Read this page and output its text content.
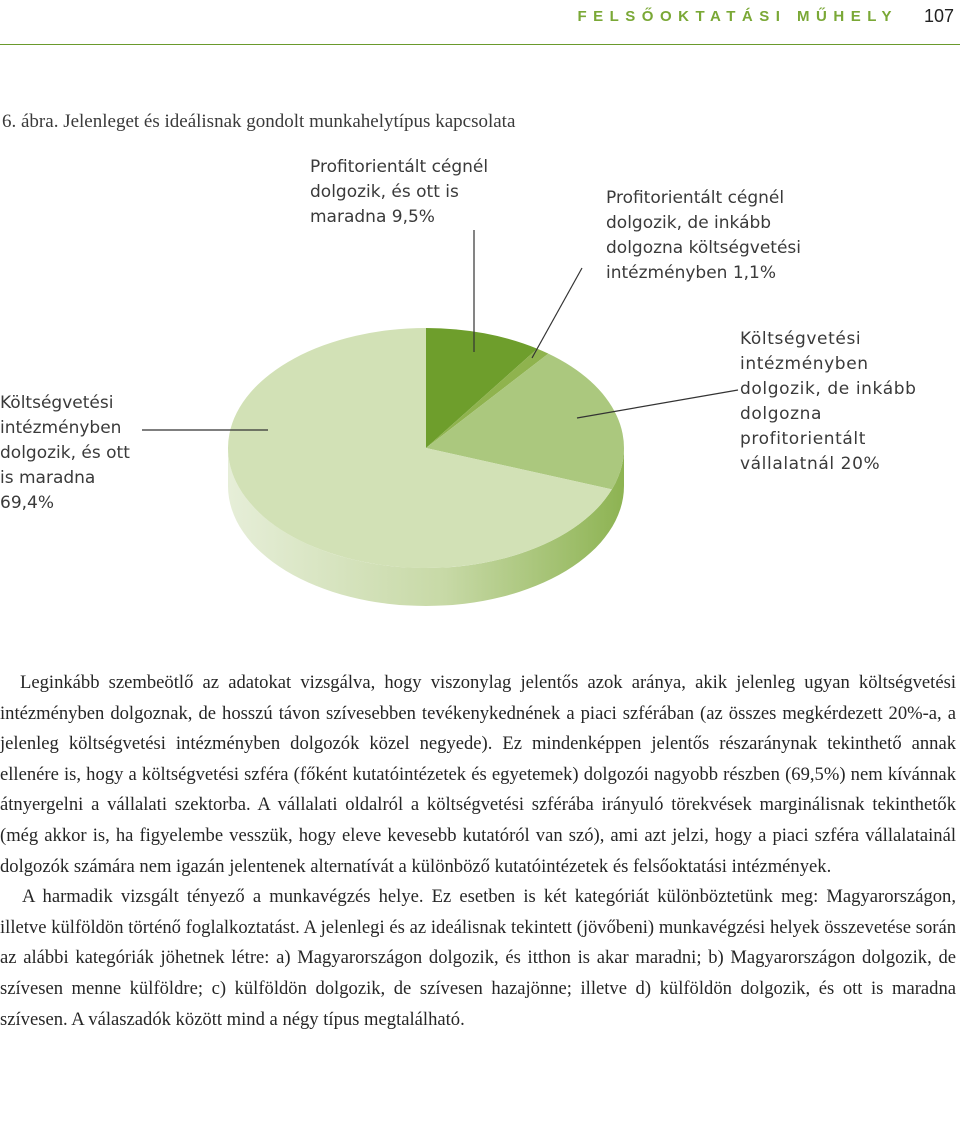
FELSŐOKTATÁSI MŰHELY 107
6. ábra. Jelenleget és ideálisnak gondolt munkahelytípus kapcsolata
Profitorientált cégnél
dolgozik, és ott is
maradna 9,5%
Profitorientált cégnél
dolgozik, de inkább
dolgozna költségvetési
intézményben 1,1%
Költségvetési
intézményben
dolgozik, és ott
is maradna
69,4%
Költségvetési
intézményben
dolgozik, de inkább
dolgozna
profitorientált
vállalatnál 20%

Leginkább szembeötlő az adatokat vizsgálva, hogy viszonylag jelentős azok aránya, akik jelenleg ugyan költségvetési intézményben dolgoznak, de hosszú távon szívesebben tevékenykednének a piaci szférában (az összes megkérdezett 20%-a, a jelenleg költségvetési intézményben dolgozók közel negyede). Ez mindenképpen jelentős részaránynak tekinthető annak ellenére is, hogy a költségvetési szféra (főként kutatóintézetek és egyetemek) dolgozói nagyobb részben (69,5%) nem kívánnak átnyergelni a vállalati szektorba. A vállalati oldalról a költségvetési szférába irányuló törekvések marginálisnak tekinthetők (még akkor is, ha figyelembe vesszük, hogy eleve kevesebb kutatóról van szó), ami azt jelzi, hogy a piaci szféra vállalatainál dolgozók számára nem igazán jelentenek alternatívát a különböző kutatóintézetek és felsőoktatási intézmények.

A harmadik vizsgált tényező a munkavégzés helye. Ez esetben is két kategóriát különböztetünk meg: Magyarországon, illetve külföldön történő foglalkoztatást. A jelenlegi és az ideálisnak tekintett (jövőbeni) munkavégzési helyek összevetése során az alábbi kategóriák jöhetnek létre: a) Magyarországon dolgozik, és itthon is akar maradni; b) Magyarországon dolgozik, de szívesen menne külföldre; c) külföldön dolgozik, de szívesen hazajönne; illetve d) külföldön dolgozik, és ott is maradna szívesen. A válaszadók között mind a négy típus megtalálható.
